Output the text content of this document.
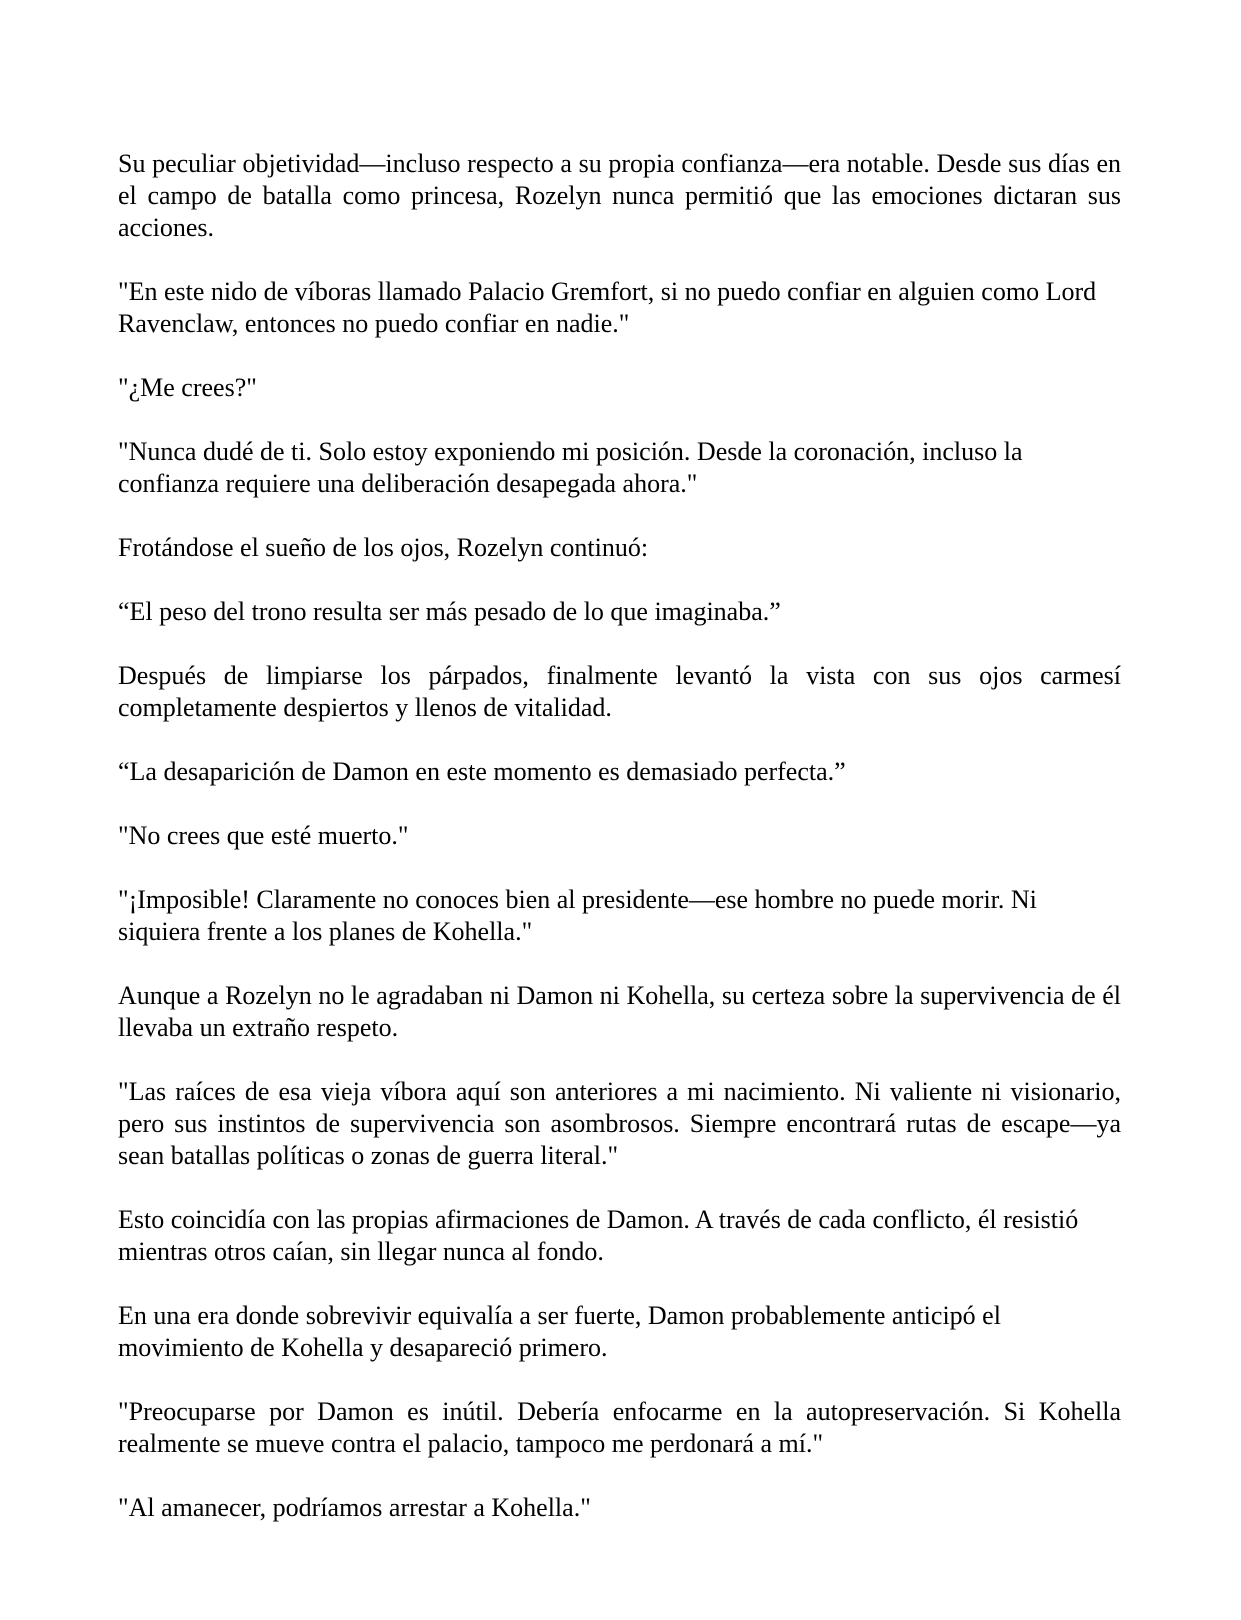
Su peculiar objetividad—incluso respecto a su propia confianza—era notable. Desde sus días en el campo de batalla como princesa, Rozelyn nunca permitió que las emociones dictaran sus acciones.

"En este nido de víboras llamado Palacio Gremfort, si no puedo confiar en alguien como Lord Ravenclaw, entonces no puedo confiar en nadie."

"¿Me crees?"

"Nunca dudé de ti. Solo estoy exponiendo mi posición. Desde la coronación, incluso la confianza requiere una deliberación desapegada ahora."

Frotándose el sueño de los ojos, Rozelyn continuó:

“El peso del trono resulta ser más pesado de lo que imaginaba.”

Después de limpiarse los párpados, finalmente levantó la vista con sus ojos carmesí completamente despiertos y llenos de vitalidad.

“La desaparición de Damon en este momento es demasiado perfecta.”

"No crees que esté muerto."

"¡Imposible! Claramente no conoces bien al presidente—ese hombre no puede morir. Ni siquiera frente a los planes de Kohella."

Aunque a Rozelyn no le agradaban ni Damon ni Kohella, su certeza sobre la supervivencia de él llevaba un extraño respeto.

"Las raíces de esa vieja víbora aquí son anteriores a mi nacimiento. Ni valiente ni visionario, pero sus instintos de supervivencia son asombrosos. Siempre encontrará rutas de escape—ya sean batallas políticas o zonas de guerra literal."

Esto coincidía con las propias afirmaciones de Damon. A través de cada conflicto, él resistió mientras otros caían, sin llegar nunca al fondo.

En una era donde sobrevivir equivalía a ser fuerte, Damon probablemente anticipó el movimiento de Kohella y desapareció primero.

"Preocuparse por Damon es inútil. Debería enfocarme en la autopreservación. Si Kohella realmente se mueve contra el palacio, tampoco me perdonará a mí."

"Al amanecer, podríamos arrestar a Kohella."
